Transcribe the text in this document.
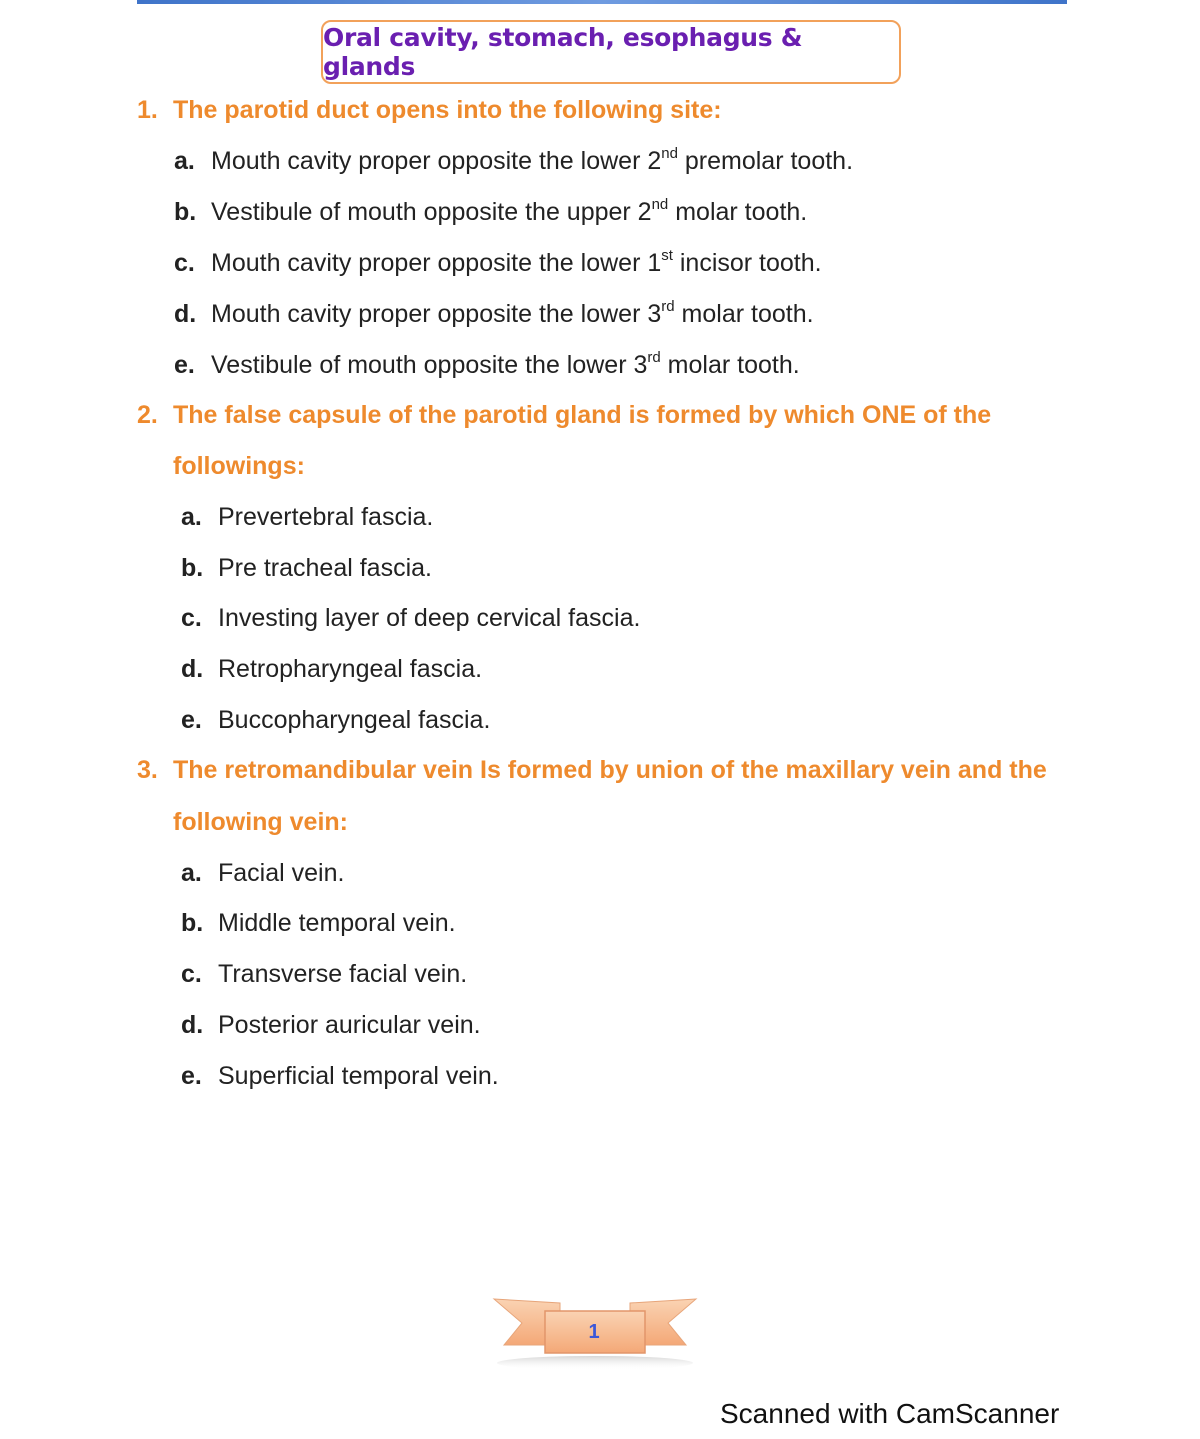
Oral cavity, stomach, esophagus & glands
1. The parotid duct opens into the following site:
a. Mouth cavity proper opposite the lower 2nd premolar tooth.
b. Vestibule of mouth opposite the upper 2nd molar tooth.
c. Mouth cavity proper opposite the lower 1st incisor tooth.
d. Mouth cavity proper opposite the lower 3rd molar tooth.
e. Vestibule of mouth opposite the lower 3rd molar tooth.
2. The false capsule of the parotid gland is formed by which ONE of the
followings:
a. Prevertebral fascia.
b. Pre tracheal fascia.
c. Investing layer of deep cervical fascia.
d. Retropharyngeal fascia.
e. Buccopharyngeal fascia.
3. The retromandibular vein Is formed by union of the maxillary vein and the
following vein:
a. Facial vein.
b. Middle temporal vein.
c. Transverse facial vein.
d. Posterior auricular vein.
e. Superficial temporal vein.
1
Scanned with CamScanner
